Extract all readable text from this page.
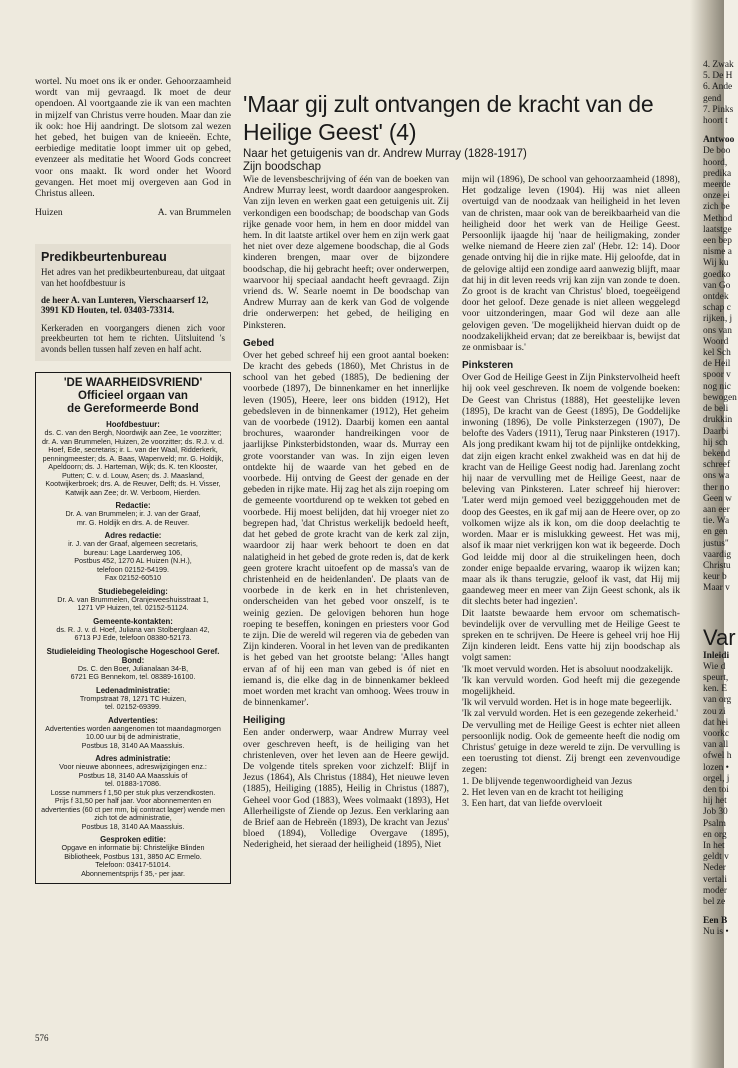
wortel. Nu moet ons ik er onder. Gehoorzaamheid wordt van mij gevraagd. Ik moet de deur opendoen. Al voortgaande zie ik van een machten in mijzelf van Christus verre houden. Maar dan zie ik ook: hoe Hij aandringt. De slotsom zal wezen het gebed, het buigen van de knieeën. Echte, eerbiedige meditatie loopt immer uit op gebed, evenzeer als meditatie het Woord Gods concreet voor ons maakt. Ik word onder het Woord gevangen. Het moet mij overgeven aan God in Christus alleen.

Huizen	A. van Brummelen
Predikbeurtenbureau

Het adres van het predikbeurtenbureau, dat uitgaat van het hoofdbestuur is

de heer A. van Lunteren, Vierschaarserf 12, 3991 KD Houten, tel. 03403-73314.

Kerkeraden en voorgangers dienen zich voor preekbeurten tot hem te richten. Uitsluitend 's avonds bellen tussen half zeven en half acht.

'DE WAARHEIDSVRIEND'
Officieel orgaan van
de Gereformeerde Bond
Hoofdbestuur:
ds. C. van den Bergh, Noordwijk aan Zee, 1e voorzitter; dr. A. van Brummelen, Huizen, 2e voorzitter; ds. R.J. v. d. Hoef, Ede, secretaris; ir. L. van der Waal, Ridderkerk, penningmeester; ds. A. Baas, Wapenveld; mr. G. Holdijk, Apeldoorn; ds. J. Harteman, Wijk; ds. K. ten Klooster, Putten; C. v. d. Louw, Asen; ds. J. Maasland, Kootwijkerbroek; drs. A. de Reuver, Delft; ds. H. Visser, Katwijk aan Zee; dr. W. Verboom, Hierden.
Redactie:
Dr. A. van Brummelen; ir. J. van der Graaf,
mr. G. Holdijk en drs. A. de Reuver.
Adres redactie:
ir. J. van der Graaf, algemeen secretaris,
bureau: Lage Laarderweg 106,
Postbus 452, 1270 AL Huizen (N.H.),
telefoon 02152-54199.
Fax 02152-60510
Studiebegeleiding:
Dr. A. van Brummelen, Oranjeweeshuisstraat 1,
1271 VP Huizen, tel. 02152-51124.
Gemeente-kontakten:
ds. R. J. v. d. Hoef, Juliana van Stolberglaan 42,
6713 PJ Ede, telefoon 08380-52173.
Studieleiding Theologische Hogeschool Geref. Bond:
Ds. C. den Boer, Julianalaan 34-B,
6721 EG Bennekom, tel. 08389-16100.
Ledenadministratie:
Trompstraat 78, 1271 TC Huizen,
tel. 02152-69399.
Advertenties:
Advertenties worden aangenomen tot maandagmorgen 10.00 uur bij de administratie,
Postbus 18, 3140 AA Maassluis.
Adres administratie:
Voor nieuwe abonnees, adreswijzigingen enz.:
Postbus 18, 3140 AA Maassluis of
tel. 01883-17086.
Losse nummers f 1,50 per stuk plus verzendkosten.
Prijs f 31,50 per half jaar. Voor abonnementen en advertenties (60 ct per mm, bij contract lager) wende men zich tot de administratie,
Postbus 18, 3140 AA Maassluis.
Gesproken editie:
Opgave en informatie bij: Christelijke Blinden
Bibliotheek, Postbus 131, 3850 AC Ermelo.
Telefoon: 03417-51014.
Abonnementsprijs f 35,- per jaar.
'Maar gij zult ontvangen de kracht van de Heilige Geest' (4)
Naar het getuigenis van dr. Andrew Murray (1828-1917)
Zijn boodschap

Wie de levensbeschrijving of één van de boeken van Andrew Murray leest, wordt daardoor aangesproken. Van zijn leven en werken gaat een getuigenis uit. Zij verkondigen een boodschap; de boodschap van Gods rijke genade voor hem, in hem en door middel van hem. In dit laatste artikel over hem en zijn werk gaat het niet over deze algemene boodschap, die al Gods kinderen brengen, maar over de bijzondere boodschap, die hij gebracht heeft; over onderwerpen, waarvoor hij speciaal aandacht heeft gevraagd. Zijn vriend ds. W. Searle noemt in De boodschap van Andrew Murray aan de kerk van God de volgende drie onderwerpen: het gebed, de heiliging en Pinksteren.

Gebed

Over het gebed schreef hij een groot aantal boeken: De kracht des gebeds (1860), Met Christus in de school van het gebed (1885), De bediening der voorbede (1897), De binnenkamer en het innerlijke leven (1905), Heere, leer ons bidden (1912), Het gebedsleven in de binnenkamer (1912), Het geheim van de voorbede (1912). Daarbij komen een aantal brochures, waaronder handreikingen voor de jaarlijkse Pinksterbidstonden, waar ds. Murray een grote voorstander van was. In zijn eigen leven ontdekte hij de waarde van het gebed en de voorbede. Hij ontving de Geest der genade en der gebeden in rijke mate. Hij zag het als zijn roeping om de gemeente voortdurend op te wekken tot gebed en voorbede. Hij moest belijden, dat hij vroeger niet zo begrepen had, 'dat Christus werkelijk bedoeld heeft, dat het gebed de grote kracht van de kerk zal zijn, waardoor zij haar werk behoort te doen en dat nalatigheid in het gebed de grote reden is, dat de kerk geen grotere kracht uitoefent op de massa's van de christenheid en de heidenlanden'. De plaats van de voorbede in de kerk en in het christenleven, onderscheiden van het gebed voor onszelf, is te weinig gezien. De gelovigen behoren hun hoge roeping te beseffen, koningen en priesters voor God te zijn. Die de wereld wil regeren via de gebeden van Zijn kinderen. Vooral in het leven van de predikanten is het gebed van het grootste belang: 'Alles hangt ervan af of hij een man van gebed is óf niet en iemand is, die elke dag in de binnenkamer bekleed moet worden met kracht van omhoog. Wees trouw in de binnenkamer'.

Heiliging

Een ander onderwerp, waar Andrew Murray veel over geschreven heeft, is de heiliging van het christenleven, over het leven aan de Heere gewijd. De volgende titels spreken voor zichzelf: Blijf in Jezus (1864), Als Christus (1884), Het nieuwe leven (1885), Heiliging (1885), Heilig in Christus (1887), Geheel voor God (1883), Wees volmaakt (1893), Het Allerheiligste of Ziende op Jezus. Een verklaring aan de Brief aan de Hebreën (1893), De kracht van Jezus' bloed (1894), Volledige Overgave (1895), Nederigheid, het sieraad der heiligheid (1895), Niet

mijn wil (1896), De school van gehoorzaamheid (1898), Het godzalige leven (1904). Hij was niet alleen overtuigd van de noodzaak van heiligheid in het leven van de christen, maar ook van de bereikbaarheid van die heiligheid door het werk van de Heilige Geest. Persoonlijk ijaagde hij 'naar de heiligmaking, zonder welke niemand de Heere zien zal' (Hebr. 12: 14). Door genade ontving hij die in rijke mate. Hij geloofde, dat in de gelovige altijd een zondige aard aanwezig blijft, maar dat hij in dit leven reeds vrij kan zijn van zonde te doen. Zo groot is de kracht van Christus' bloed, toegeëigend door het geloof. Deze genade is niet alleen weggelegd voor uitzonderingen, maar God wil deze aan alle gelovigen geven. 'De mogelijkheid hiervan duidt op de noodzakelijkheid ervan; dat ze bereikbaar is, bewijst dat ze onmisbaar is.'

Pinksteren

Over God de Heilige Geest in Zijn Pinkstervolheid heeft hij ook veel geschreven. Ik noem de volgende boeken: De Geest van Christus (1888), Het geestelijke leven (1895), De kracht van de Geest (1895), De Goddelijke inwoning (1896), De volle Pinksterzegen (1907), De belofte des Vaders (1911), Terug naar Pinksteren (1917). Als jong predikant kwam hij tot de pijnlijke ontdekking, dat zijn eigen kracht enkel zwakheid was en dat hij de kracht van de Heilige Geest nodig had. Jarenlang zocht hij naar de vervulling met de Heilige Geest, naar de beleving van Pinksteren. Later schreef hij hierover: 'Later werd mijn gemoed veel bezigggehouden met de doop des Geestes, en ik gaf mij aan de Heere over, op zo volkomen wijze als ik kon, om die doop deelachtig te worden. Maar er is mislukking geweest. Het was mij, alsof ik maar niet verkrijgen kon wat ik begeerde. Doch God leidde mij door al die struikelingen heen, doch zonder enige bepaalde ervaring, waarop ik wijzen kan; maar als ik thans terugzie, geloof ik vast, dat Hij mij gaandeweg meer en meer van Zijn Geest schonk, als ik dit slechts beter had ingezien'.

Dit laatste bewaarde hem ervoor om schematisch-bevindelijk over de vervulling met de Heilige Geest te spreken en te schrijven. De Heere is geheel vrij hoe Hij Zijn kinderen leidt. Eens vatte hij zijn boodschap als volgt samen:

'Ik moet vervuld worden. Het is absoluut noodzakelijk.

'Ik kan vervuld worden. God heeft mij die gezegende mogelijkheid.

'Ik wil vervuld worden. Het is in hoge mate begeerlijk.

'Ik zal vervuld worden. Het is een gezegende zekerheid.'

De vervulling met de Heilige Geest is echter niet alleen persoonlijk nodig. Ook de gemeente heeft die nodig om Christus' getuige in deze wereld te zijn. De vervulling is een toerusting tot dienst. Zij brengt een zevenvoudige zegen:

1. De blijvende tegenwoordigheid van Jezus

2. Het leven van en de kracht tot heiliging

3. Een hart, dat van liefde overvloeit

4. Zwak
5. De H
6. Ande
gend
7. Pinks
hoort t
Antwoo
De boo
hoord,
predika
meerde
onze ei
zich be
Method
laatstge
een bep
nisme a
Wij ku
goedko
van Go
ontdek
schap c
rijken, j
ons van
Woord
kel Sch
de Heil
spoor v
nog nic
bewogen
de beli
drukkin
Daarbi
hij sch
bekend
schreef
ons wa
ther no
Geen w
aan eer
tie. Wa
en gen
justus"
vaardig
Christu
keur b
Maar v
Var
Inleidi
Wie d
speurt,
ken. E
van org
zou zi
dat hei
voorkc
van all
ofwel h
lozen •
orgel, j
den toi
hij het
Job 30
Psalm
en org
In het
geldt v
Neder
vertali
moder
bel ze
Een B
Nu is •
576
